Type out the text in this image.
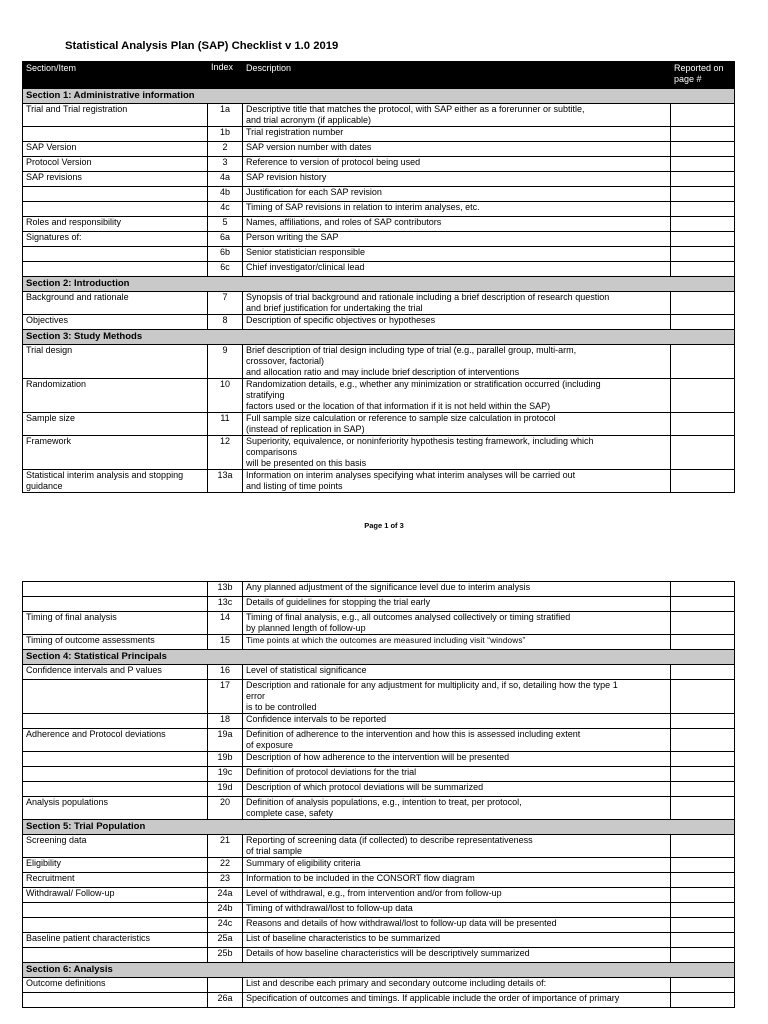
Statistical Analysis Plan (SAP) Checklist v 1.0 2019
Section/Item	Index	Description	Reported on page #
Section 1: Administrative information			
Trial and Trial registration	1a	Descriptive title that matches the protocol, with SAP either as a forerunner or subtitle,
and trial acronym (if applicable)	

	1b	Trial registration number	

SAP Version	2	SAP version number with dates	

Protocol Version	3	Reference to version of protocol being used	

SAP revisions	4a	SAP revision history	

	4b	Justification for each SAP revision	

	4c	Timing of SAP revisions in relation to interim analyses, etc.	

Roles and responsibility	5	Names, affiliations, and roles of SAP contributors	

Signatures of:	6a	Person writing the SAP	

	6b	Senior statistician responsible	

	6c	Chief investigator/clinical lead	

Section 2: Introduction			
Background and rationale	7	Synopsis of trial background and rationale including a brief description of research question
and brief justification for undertaking the trial	

Objectives	8	Description of specific objectives or hypotheses	

Section 3: Study Methods			
Trial design	9	Brief description of trial design including type of trial (e.g., parallel group, multi-arm,
crossover, factorial)
and allocation ratio and may include brief description of interventions	

Randomization	10	Randomization details, e.g., whether any minimization or stratification occurred (including
stratifying
factors used or the location of that information if it is not held within the SAP)	

Sample size	11	Full sample size calculation or reference to sample size calculation in protocol
(instead of replication in SAP)	

Framework	12	Superiority, equivalence, or noninferiority hypothesis testing framework, including which
comparisons
will be presented on this basis	

Statistical interim analysis and stopping guidance	13a	Information on interim analyses specifying what interim analyses will be carried out
and listing of time points	

Page 1 of 3
	13b	Any planned adjustment of the significance level due to interim analysis	

	13c	Details of guidelines for stopping the trial early	

Timing of final analysis	14	Timing of final analysis, e.g., all outcomes analysed collectively or timing stratified
by planned length of follow-up	

Timing of outcome assessments	15	Time points at which the outcomes are measured including visit “windows”	

Section 4: Statistical Principals			
Confidence intervals and P values	16	Level of statistical significance	

	17	Description and rationale for any adjustment for multiplicity and, if so, detailing how the type 1
error
is to be controlled	

	18	Confidence intervals to be reported	

Adherence and Protocol deviations	19a	Definition of adherence to the intervention and how this is assessed including extent
of exposure	

	19b	Description of how adherence to the intervention will be presented	

	19c	Definition of protocol deviations for the trial	

	19d	Description of which protocol deviations will be summarized	

Analysis populations	20	Definition of analysis populations, e.g., intention to treat, per protocol,
complete case, safety	

Section 5: Trial Population			
Screening data	21	Reporting of screening data (if collected) to describe representativeness
of trial sample	

Eligibility	22	Summary of eligibility criteria	

Recruitment	23	Information to be included in the CONSORT flow diagram	

Withdrawal/ Follow-up	24a	Level of withdrawal, e.g., from intervention and/or from follow-up	

	24b	Timing of withdrawal/lost to follow-up data	

	24c	Reasons and details of how withdrawal/lost to follow-up data will be presented	

Baseline patient characteristics	25a	List of baseline characteristics to be summarized	

	25b	Details of how baseline characteristics will be descriptively summarized	

Section 6: Analysis			
Outcome definitions		List and describe each primary and secondary outcome including details of:	

	26a	Specification of outcomes and timings. If applicable include the order of importance of primary	
